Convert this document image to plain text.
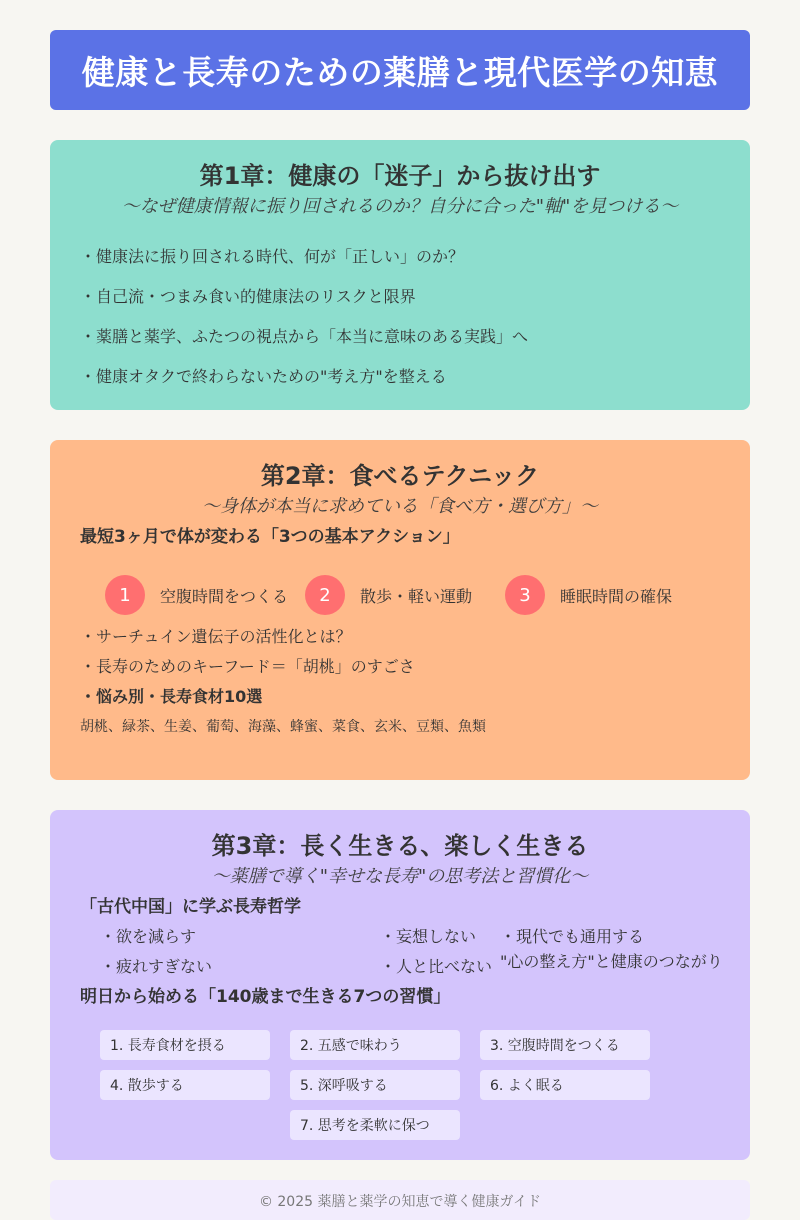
健康と長寿のための薬膳と現代医学の知恵
第1章：健康の「迷子」から抜け出す

〜なぜ健康情報に振り回されるのか？自分に合った"軸"を見つける〜

・健康法に振り回される時代、何が「正しい」のか？
・自己流・つまみ食い的健康法のリスクと限界
・薬膳と薬学、ふたつの視点から「本当に意味のある実践」へ
・健康オタクで終わらないための"考え方"を整える
第2章：食べるテクニック

〜身体が本当に求めている「食べ方・選び方」〜

最短3ヶ月で体が変わる「3つの基本アクション」
1	空腹時間をつくる	2	散歩・軽い運動	3	睡眠時間の確保
・サーチュイン遺伝子の活性化とは？
・長寿のためのキーフード＝「胡桃」のすごさ
・悩み別・長寿食材10選
胡桃、緑茶、生姜、葡萄、海藻、蜂蜜、菜食、玄米、豆類、魚類
第3章：長く生きる、楽しく生きる

〜薬膳で導く"幸せな長寿"の思考法と習慣化〜

「古代中国」に学ぶ長寿哲学
・欲を減らす
・疲れすぎない
・妄想しない
・人と比べない
・現代でも通用する
"心の整え方"と健康のつながり
明日から始める「140歳まで生きる7つの習慣」
1. 長寿食材を摂る	2. 五感で味わう	3. 空腹時間をつくる
4. 散歩する	5. 深呼吸する	6. よく眠る
7. 思考を柔軟に保つ
© 2025 薬膳と薬学の知恵で導く健康ガイド
